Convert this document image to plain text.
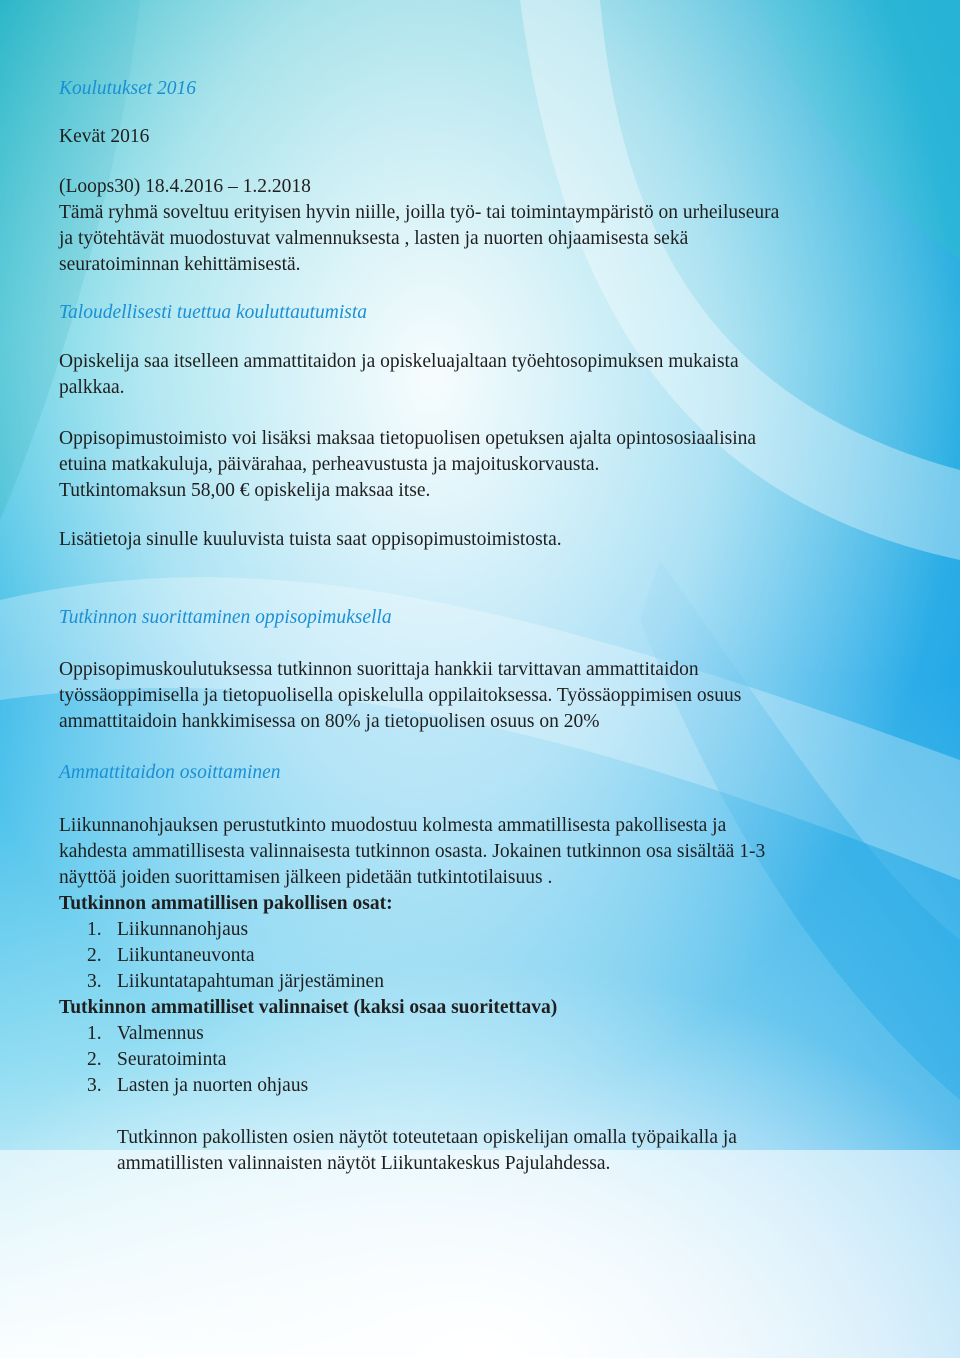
Koulutukset 2016
Kevät 2016
(Loops30) 18.4.2016 – 1.2.2018
Tämä ryhmä soveltuu erityisen hyvin niille, joilla työ- tai toimintaympäristö on urheiluseura
ja työtehtävät muodostuvat valmennuksesta , lasten ja nuorten ohjaamisesta sekä
seuratoiminnan kehittämisestä.
Taloudellisesti tuettua kouluttautumista
Opiskelija saa itselleen ammattitaidon ja opiskeluajaltaan työehtosopimuksen mukaista
palkkaa.
Oppisopimustoimisto voi lisäksi maksaa tietopuolisen opetuksen ajalta opintososiaalisina
etuina matkakuluja, päivärahaa, perheavustusta ja majoituskorvausta.
Tutkintomaksun 58,00 € opiskelija maksaa itse.
Lisätietoja sinulle kuuluvista tuista saat oppisopimustoimistosta.
Tutkinnon suorittaminen oppisopimuksella
Oppisopimuskoulutuksessa tutkinnon suorittaja hankkii tarvittavan ammattitaidon
työssäoppimisella ja tietopuolisella opiskelulla oppilaitoksessa. Työssäoppimisen osuus
ammattitaidoin hankkimisessa on 80% ja tietopuolisen osuus on 20%
Ammattitaidon osoittaminen
Liikunnanohjauksen perustutkinto muodostuu kolmesta ammatillisesta pakollisesta ja
kahdesta ammatillisesta valinnaisesta tutkinnon osasta. Jokainen tutkinnon osa sisältää 1-3
näyttöä joiden suorittamisen jälkeen pidetään tutkintotilaisuus .
Tutkinnon ammatillisen pakollisen osat:
1. Liikunnanohjaus
2. Liikuntaneuvonta
3. Liikuntatapahtuman järjestäminen
Tutkinnon ammatilliset valinnaiset (kaksi osaa suoritettava)
1. Valmennus
2. Seuratoiminta
3. Lasten ja nuorten ohjaus
Tutkinnon pakollisten osien näytöt toteutetaan opiskelijan omalla työpaikalla ja
ammatillisten valinnaisten näytöt Liikuntakeskus Pajulahdessa.
